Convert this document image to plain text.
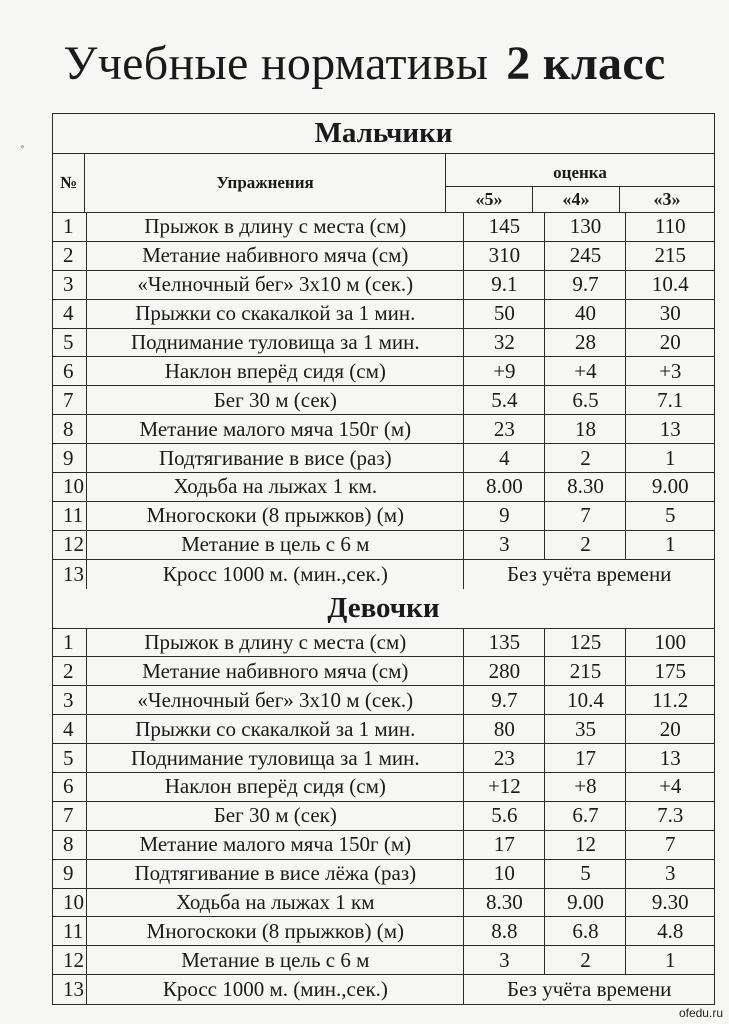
Учебные нормативы 2 класс
ﾞ
Мальчики
№	Упражнения
оценка
«5»	«4»	«3»
1	Прыжок в длину с места (см)	145	130	110
2	Метание набивного мяча (см)	310	245	215
3	«Челночный бег» 3х10 м (сек.)	9.1	9.7	10.4
4	Прыжки со скакалкой за 1 мин.	50	40	30
5	Поднимание туловища за 1 мин.	32	28	20
6	Наклон вперёд сидя (см)	+9	+4	+3
7	Бег 30 м (сек)	5.4	6.5	7.1
8	Метание малого мяча 150г (м)	23	18	13
9	Подтягивание в висе (раз)	4	2	1
10	Ходьба на лыжах 1 км.	8.00	8.30	9.00
11	Многоскоки (8 прыжков) (м)	9	7	5
12	Метание в цель с 6 м	3	2	1
13	Кросс 1000 м. (мин.,сек.)	Без учёта времени
Девочки
1	Прыжок в длину с места (см)	135	125	100
2	Метание набивного мяча (см)	280	215	175
3	«Челночный бег» 3х10 м (сек.)	9.7	10.4	11.2
4	Прыжки со скакалкой за 1 мин.	80	35	20
5	Поднимание туловища за 1 мин.	23	17	13
6	Наклон вперёд сидя (см)	+12	+8	+4
7	Бег 30 м (сек)	5.6	6.7	7.3
8	Метание малого мяча 150г (м)	17	12	7
9	Подтягивание в висе лёжа (раз)	10	5	3
10	Ходьба на лыжах 1 км	8.30	9.00	9.30
11	Многоскоки (8 прыжков) (м)	8.8	6.8	4.8
12	Метание в цель с 6 м	3	2	1
13	Кросс 1000 м. (мин.,сек.)	Без учёта времени
ofedu.ru
